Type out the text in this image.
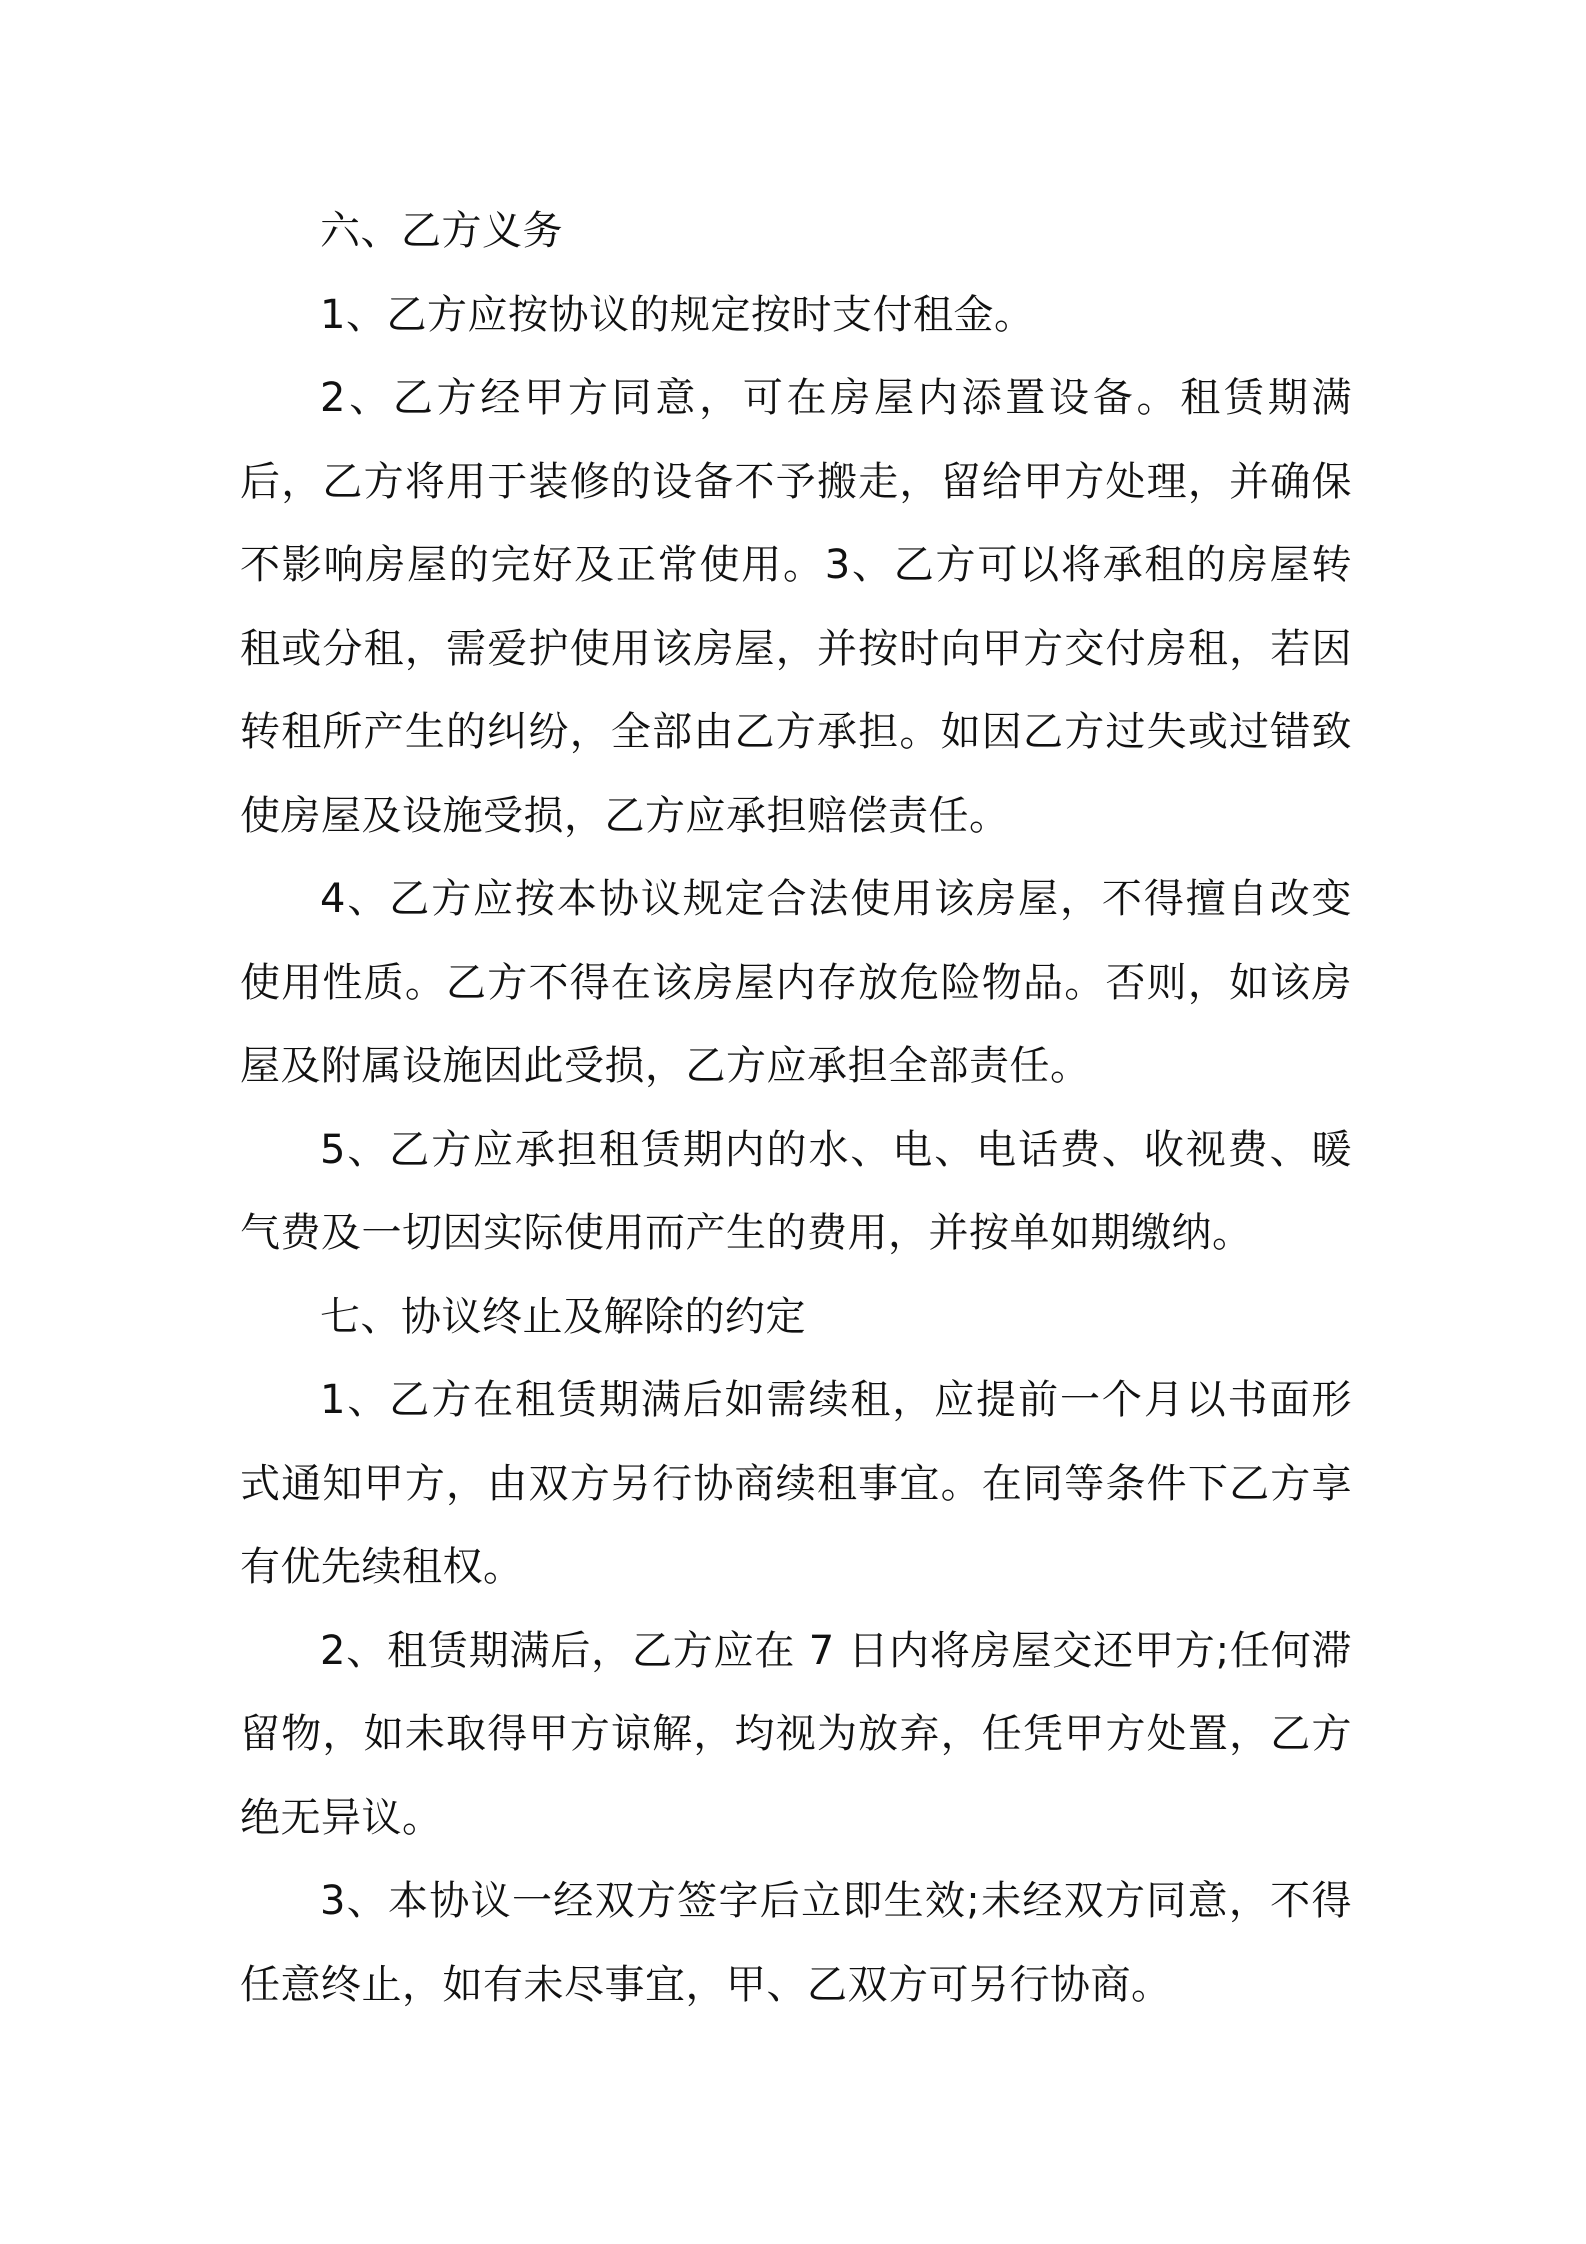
六、乙方义务

1、乙方应按协议的规定按时支付租金。

2、乙方经甲方同意，可在房屋内添置设备。租赁期满后，乙方将用于装修的设备不予搬走，留给甲方处理，并确保不影响房屋的完好及正常使用。3、乙方可以将承租的房屋转租或分租，需爱护使用该房屋，并按时向甲方交付房租，若因转租所产生的纠纷，全部由乙方承担。如因乙方过失或过错致使房屋及设施受损，乙方应承担赔偿责任。

4、乙方应按本协议规定合法使用该房屋，不得擅自改变使用性质。乙方不得在该房屋内存放危险物品。否则，如该房屋及附属设施因此受损，乙方应承担全部责任。

5、乙方应承担租赁期内的水、电、电话费、收视费、暖气费及一切因实际使用而产生的费用，并按单如期缴纳。

七、协议终止及解除的约定

1、乙方在租赁期满后如需续租，应提前一个月以书面形式通知甲方，由双方另行协商续租事宜。在同等条件下乙方享有优先续租权。

2、租赁期满后，乙方应在 7 日内将房屋交还甲方;任何滞留物，如未取得甲方谅解，均视为放弃，任凭甲方处置，乙方绝无异议。

3、本协议一经双方签字后立即生效;未经双方同意，不得任意终止，如有未尽事宜，甲、乙双方可另行协商。
